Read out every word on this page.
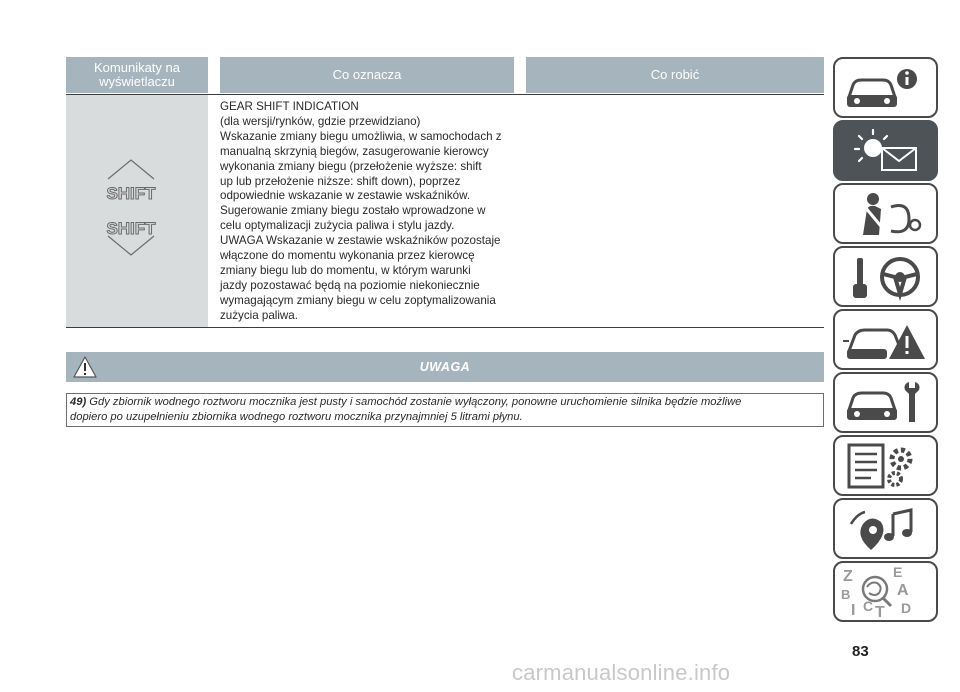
Komunikaty na
wyświetlaczu	Co oznacza	Co robić
SHIFT
SHIFT
GEAR SHIFT INDICATION
(dla wersji/rynków, gdzie przewidziano)
Wskazanie zmiany biegu umożliwia, w samochodach z
manualną skrzynią biegów, zasugerowanie kierowcy
wykonania zmiany biegu (przełożenie wyższe: shift
up lub przełożenie niższe: shift down), poprzez
odpowiednie wskazanie w zestawie wskaźników.
Sugerowanie zmiany biegu zostało wprowadzone w
celu optymalizacji zużycia paliwa i stylu jazdy.
UWAGA Wskazanie w zestawie wskaźników pozostaje
włączone do momentu wykonania przez kierowcę
zmiany biegu lub do momentu, w którym warunki
jazdy pozostawać będą na poziomie niekoniecznie
wymagającym zmiany biegu w celu zoptymalizowania
zużycia paliwa.
UWAGA
49) Gdy zbiornik wodnego roztworu mocznika jest pusty i samochód zostanie wyłączony, ponowne uruchomienie silnika będzie możliwe
dopiero po uzupełnieniu zbiornika wodnego roztworu mocznika przynajmniej 5 litrami płynu.
Z	E
B	A
I C T D
83
carmanualsonline.info
